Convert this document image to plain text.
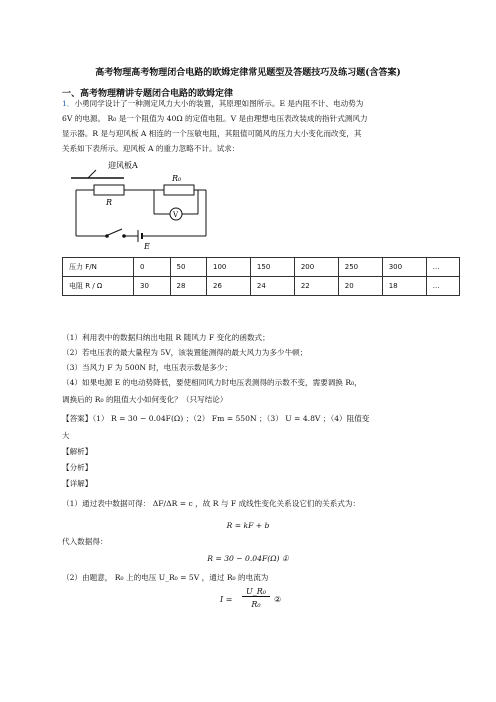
高考物理高考物理闭合电路的欧姆定律常见题型及答题技巧及练习题(含答案)
一、高考物理精讲专题闭合电路的欧姆定律
1．小勇同学设计了一种测定风力大小的装置，其原理如图所示。E 是内阻不计、电动势为
6V 的电源。 R₀ 是一个阻值为 40Ω 的定值电阻。V 是由理想电压表改装成的指针式测风力
显示器。R 是与迎风板 A 相连的一个压敏电阻，其阻值可随风的压力大小变化而改变，其
关系如下表所示。迎风板 A 的重力忽略不计。试求：
迎风板A
R
R₀
V
E
压力 F/N	0	50	100	150	200	250	300	…
电阻 R / Ω	30	28	26	24	22	20	18	…
（1）利用表中的数据归纳出电阻 R 随风力 F 变化的函数式；
（2）若电压表的最大量程为 5V，该装置能测得的最大风力为多少牛顿；
（3）当风力 F 为 500N 时，电压表示数是多少；
（4）如果电源 E 的电动势降低，要使相同风力时电压表测得的示数不变，需要调换 R₀，
调换后的 R₀ 的阻值大小如何变化？（只写结论）
【答案】（1） R = 30 − 0.04F(Ω) ；（2） Fm = 550N ；（3） U = 4.8V ；（4）阻值变
大
【解析】
【分析】
【详解】
（1）通过表中数据可得： ΔF/ΔR = c ，故 R 与 F 成线性变化关系设它们的关系式为：
R = kF + b
代入数据得：
R = 30 − 0.04F(Ω) ①
（2）由题意， R₀ 上的电压 U_R₀ = 5V ，通过 R₀ 的电流为
I =
U_R₀
R₀
②
